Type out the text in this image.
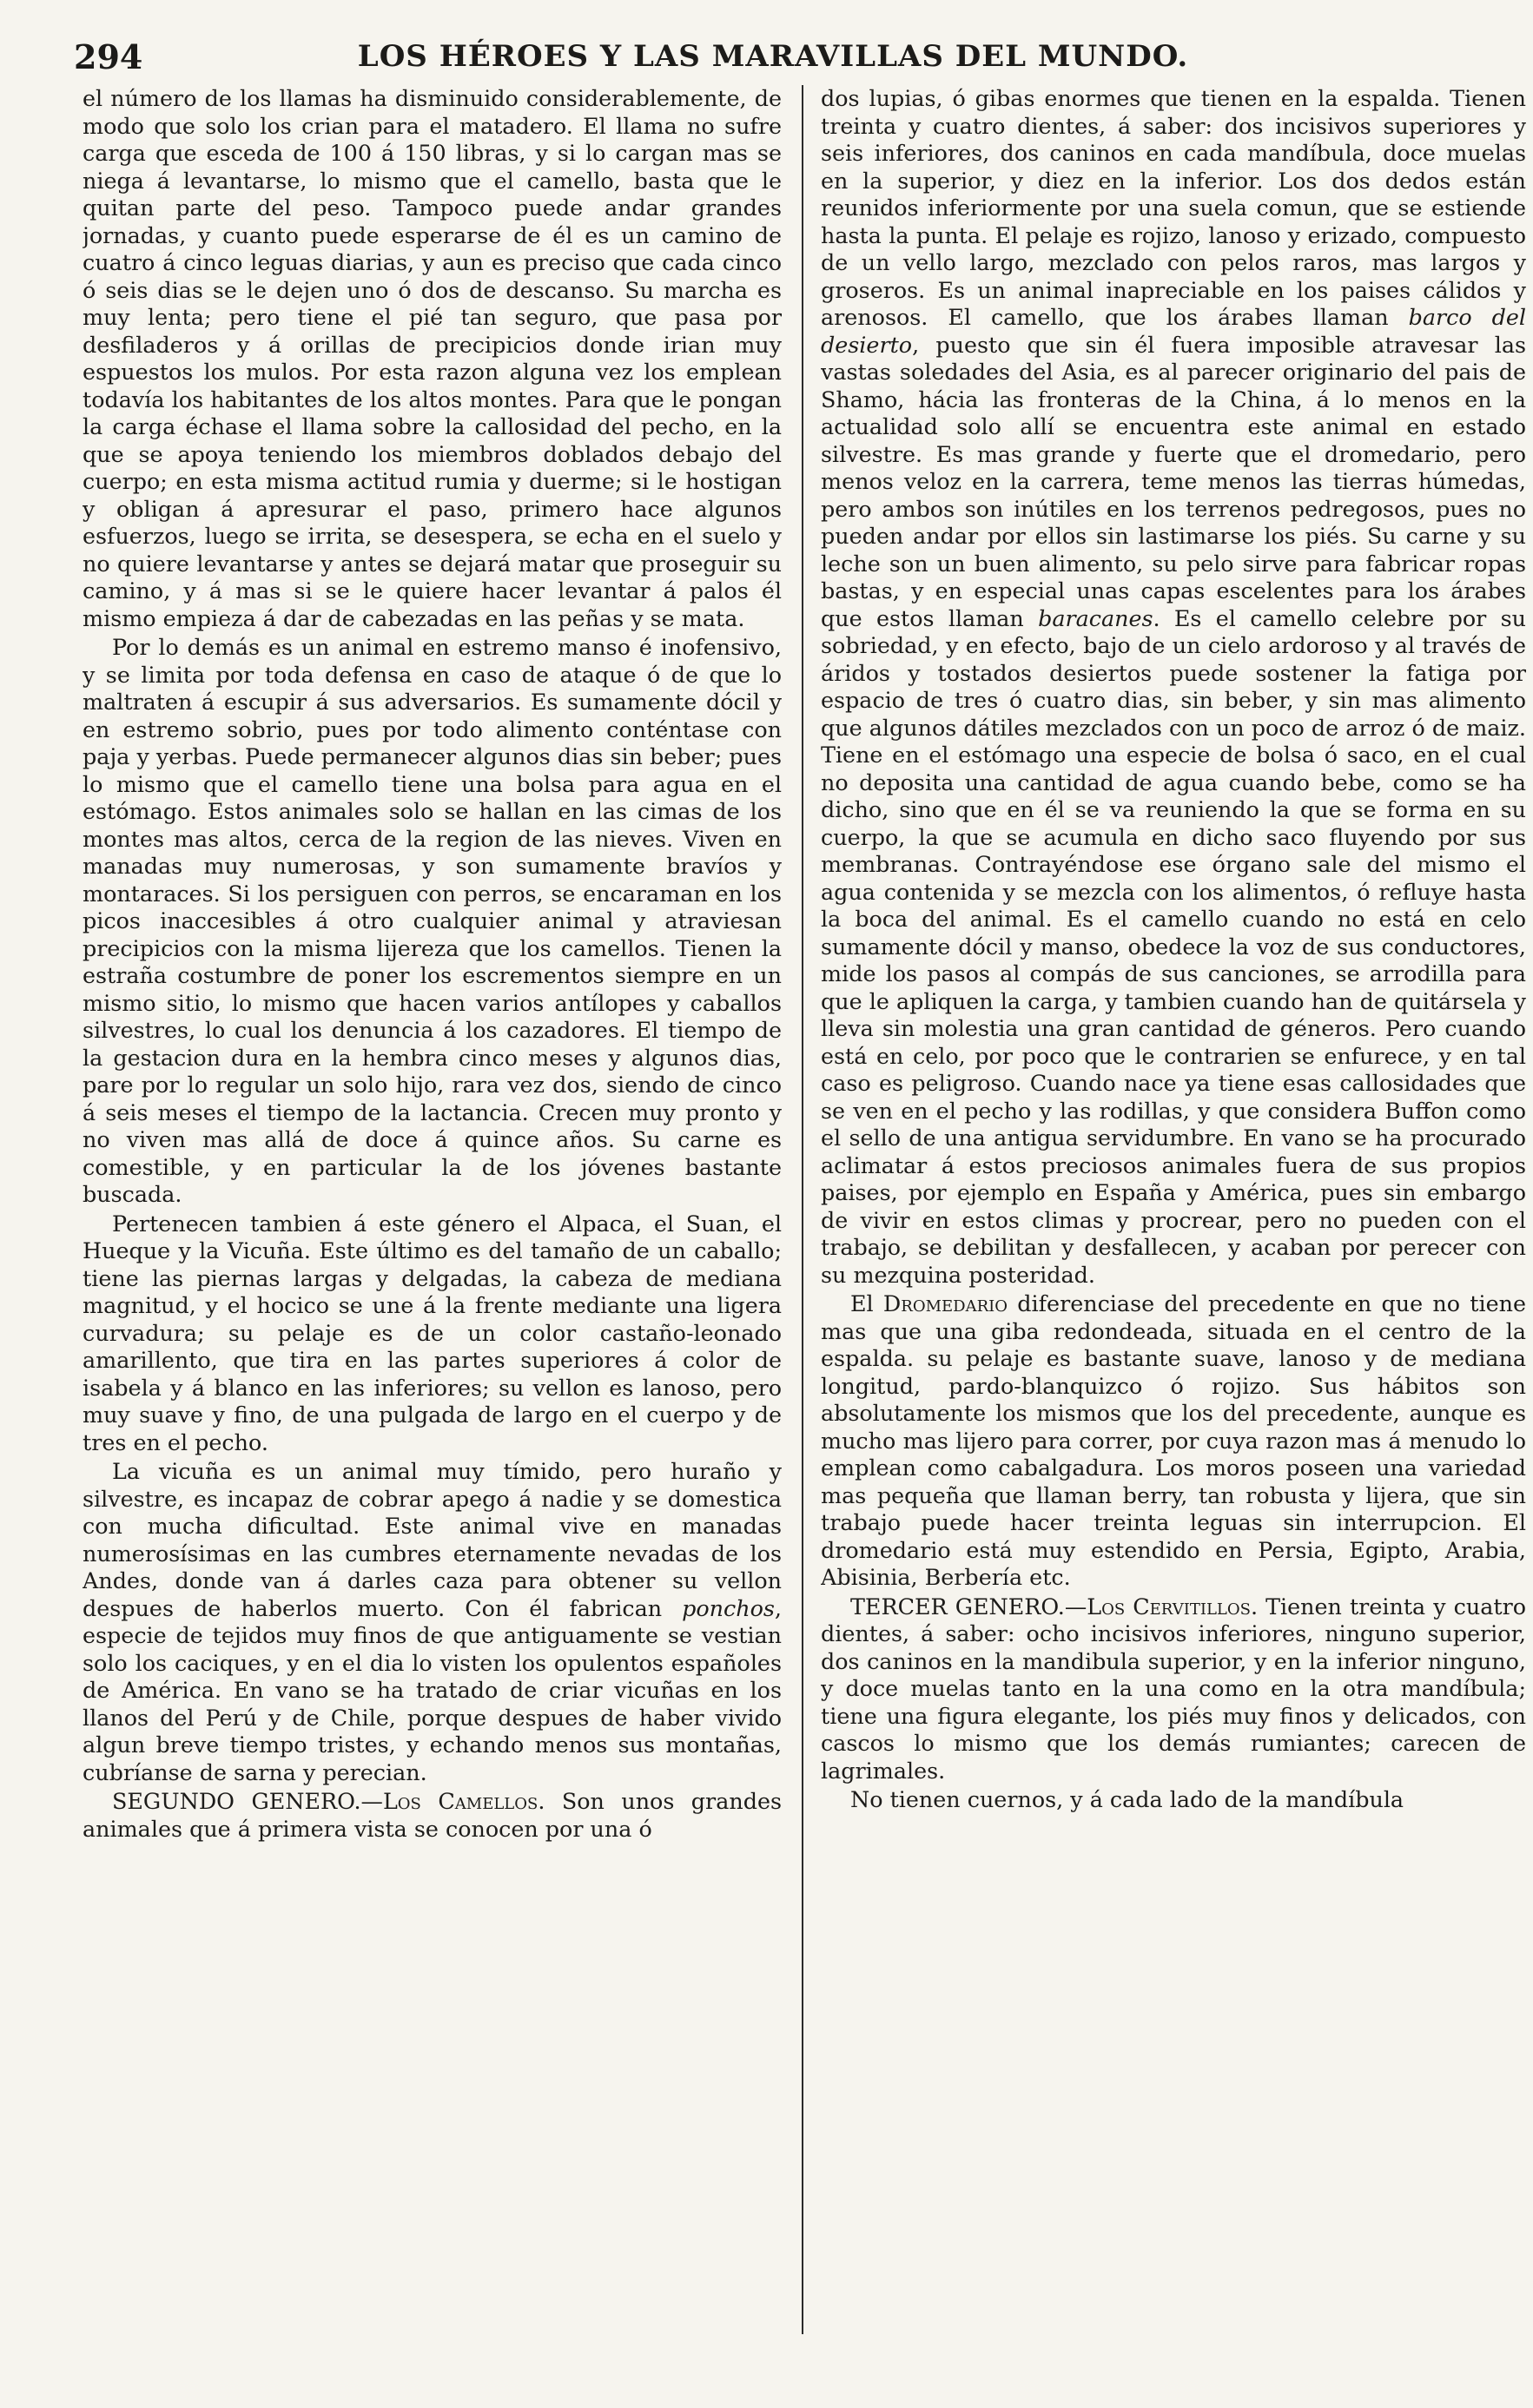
294	LOS HÉROES Y LAS MARAVILLAS DEL MUNDO.

el número de los llamas ha disminuido considerablemente, de modo que solo los crian para el matadero. El llama no sufre carga que esceda de 100 á 150 libras, y si lo cargan mas se niega á levantarse, lo mismo que el camello, basta que le quitan parte del peso. Tampoco puede andar grandes jornadas, y cuanto puede esperarse de él es un camino de cuatro á cinco leguas diarias, y aun es preciso que cada cinco ó seis dias se le dejen uno ó dos de descanso. Su marcha es muy lenta; pero tiene el pié tan seguro, que pasa por desfiladeros y á orillas de precipicios donde irian muy espuestos los mulos. Por esta razon alguna vez los emplean todavía los habitantes de los altos montes. Para que le pongan la carga échase el llama sobre la callosidad del pecho, en la que se apoya teniendo los miembros doblados debajo del cuerpo; en esta misma actitud rumia y duerme; si le hostigan y obligan á apresurar el paso, primero hace algunos esfuerzos, luego se irrita, se desespera, se echa en el suelo y no quiere levantarse y antes se dejará matar que proseguir su camino, y á mas si se le quiere hacer levantar á palos él mismo empieza á dar de cabezadas en las peñas y se mata.

Por lo demás es un animal en estremo manso é inofensivo, y se limita por toda defensa en caso de ataque ó de que lo maltraten á escupir á sus adversarios. Es sumamente dócil y en estremo sobrio, pues por todo alimento conténtase con paja y yerbas. Puede permanecer algunos dias sin beber; pues lo mismo que el camello tiene una bolsa para agua en el estómago. Estos animales solo se hallan en las cimas de los montes mas altos, cerca de la region de las nieves. Viven en manadas muy numerosas, y son sumamente bravíos y montaraces. Si los persiguen con perros, se encaraman en los picos inaccesibles á otro cualquier animal y atraviesan precipicios con la misma lijereza que los camellos. Tienen la estraña costumbre de poner los escrementos siempre en un mismo sitio, lo mismo que hacen varios antílopes y caballos silvestres, lo cual los denuncia á los cazadores. El tiempo de la gestacion dura en la hembra cinco meses y algunos dias, pare por lo regular un solo hijo, rara vez dos, siendo de cinco á seis meses el tiempo de la lactancia. Crecen muy pronto y no viven mas allá de doce á quince años. Su carne es comestible, y en particular la de los jóvenes bastante buscada.

Pertenecen tambien á este género el Alpaca, el Suan, el Hueque y la Vicuña. Este último es del tamaño de un caballo; tiene las piernas largas y delgadas, la cabeza de mediana magnitud, y el hocico se une á la frente mediante una ligera curvadura; su pelaje es de un color castaño-leonado amarillento, que tira en las partes superiores á color de isabela y á blanco en las inferiores; su vellon es lanoso, pero muy suave y fino, de una pulgada de largo en el cuerpo y de tres en el pecho.

La vicuña es un animal muy tímido, pero huraño y silvestre, es incapaz de cobrar apego á nadie y se domestica con mucha dificultad. Este animal vive en manadas numerosísimas en las cumbres eternamente nevadas de los Andes, donde van á darles caza para obtener su vellon despues de haberlos muerto. Con él fabrican ponchos, especie de tejidos muy finos de que antiguamente se vestian solo los caciques, y en el dia lo visten los opulentos españoles de América. En vano se ha tratado de criar vicuñas en los llanos del Perú y de Chile, porque despues de haber vivido algun breve tiempo tristes, y echando menos sus montañas, cubríanse de sarna y perecian.

SEGUNDO GENERO.—Los Camellos. Son unos grandes animales que á primera vista se conocen por una ó

dos lupias, ó gibas enormes que tienen en la espalda. Tienen treinta y cuatro dientes, á saber: dos incisivos superiores y seis inferiores, dos caninos en cada mandíbula, doce muelas en la superior, y diez en la inferior. Los dos dedos están reunidos inferiormente por una suela comun, que se estiende hasta la punta. El pelaje es rojizo, lanoso y erizado, compuesto de un vello largo, mezclado con pelos raros, mas largos y groseros. Es un animal inapreciable en los paises cálidos y arenosos. El camello, que los árabes llaman barco del desierto, puesto que sin él fuera imposible atravesar las vastas soledades del Asia, es al parecer originario del pais de Shamo, hácia las fronteras de la China, á lo menos en la actualidad solo allí se encuentra este animal en estado silvestre. Es mas grande y fuerte que el dromedario, pero menos veloz en la carrera, teme menos las tierras húmedas, pero ambos son inútiles en los terrenos pedregosos, pues no pueden andar por ellos sin lastimarse los piés. Su carne y su leche son un buen alimento, su pelo sirve para fabricar ropas bastas, y en especial unas capas escelentes para los árabes que estos llaman baracanes. Es el camello celebre por su sobriedad, y en efecto, bajo de un cielo ardoroso y al través de áridos y tostados desiertos puede sostener la fatiga por espacio de tres ó cuatro dias, sin beber, y sin mas alimento que algunos dátiles mezclados con un poco de arroz ó de maiz. Tiene en el estómago una especie de bolsa ó saco, en el cual no deposita una cantidad de agua cuando bebe, como se ha dicho, sino que en él se va reuniendo la que se forma en su cuerpo, la que se acumula en dicho saco fluyendo por sus membranas. Contrayéndose ese órgano sale del mismo el agua contenida y se mezcla con los alimentos, ó refluye hasta la boca del animal. Es el camello cuando no está en celo sumamente dócil y manso, obedece la voz de sus conductores, mide los pasos al compás de sus canciones, se arrodilla para que le apliquen la carga, y tambien cuando han de quitársela y lleva sin molestia una gran cantidad de géneros. Pero cuando está en celo, por poco que le contrarien se enfurece, y en tal caso es peligroso. Cuando nace ya tiene esas callosidades que se ven en el pecho y las rodillas, y que considera Buffon como el sello de una antigua servidumbre. En vano se ha procurado aclimatar á estos preciosos animales fuera de sus propios paises, por ejemplo en España y América, pues sin embargo de vivir en estos climas y procrear, pero no pueden con el trabajo, se debilitan y desfallecen, y acaban por perecer con su mezquina posteridad.

El Dromedario diferenciase del precedente en que no tiene mas que una giba redondeada, situada en el centro de la espalda. su pelaje es bastante suave, lanoso y de mediana longitud, pardo-blanquizco ó rojizo. Sus hábitos son absolutamente los mismos que los del precedente, aunque es mucho mas lijero para correr, por cuya razon mas á menudo lo emplean como cabalgadura. Los moros poseen una variedad mas pequeña que llaman berry, tan robusta y lijera, que sin trabajo puede hacer treinta leguas sin interrupcion. El dromedario está muy estendido en Persia, Egipto, Arabia, Abisinia, Berbería etc.

TERCER GENERO.—Los Cervitillos. Tienen treinta y cuatro dientes, á saber: ocho incisivos inferiores, ninguno superior, dos caninos en la mandibula superior, y en la inferior ninguno, y doce muelas tanto en la una como en la otra mandíbula; tiene una figura elegante, los piés muy finos y delicados, con cascos lo mismo que los demás rumiantes; carecen de lagrimales.

No tienen cuernos, y á cada lado de la mandíbula
